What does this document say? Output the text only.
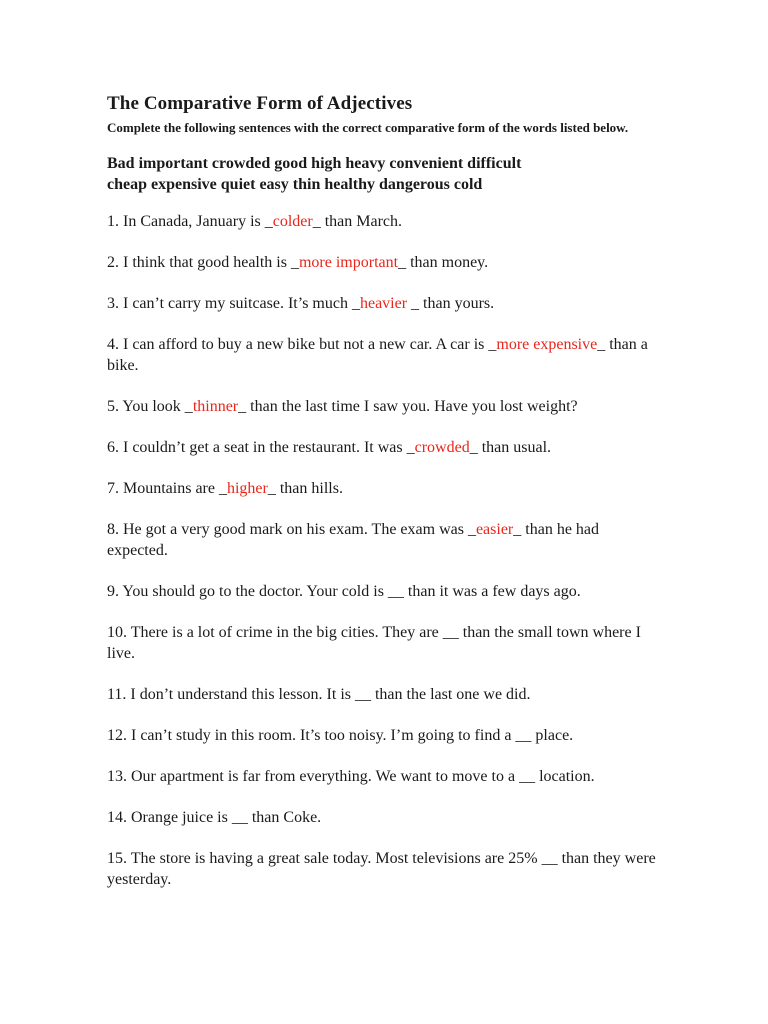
The Comparative Form of Adjectives

Complete the following sentences with the correct comparative form of the words listed below.

Bad important crowded good high heavy convenient difficult
cheap expensive quiet easy thin healthy dangerous cold

1. In Canada, January is _colder_ than March.

2. I think that good health is _more important_ than money.

3. I can’t carry my suitcase. It’s much _heavier _ than yours.

4. I can afford to buy a new bike but not a new car. A car is _more expensive_ than a bike.

5. You look _thinner_ than the last time I saw you. Have you lost weight?

6. I couldn’t get a seat in the restaurant. It was _crowded_ than usual.

7. Mountains are _higher_ than hills.

8. He got a very good mark on his exam. The exam was _easier_ than he had expected.

9. You should go to the doctor. Your cold is __ than it was a few days ago.

10. There is a lot of crime in the big cities. They are __ than the small town where I live.

11. I don’t understand this lesson. It is __ than the last one we did.

12. I can’t study in this room. It’s too noisy. I’m going to find a __ place.

13. Our apartment is far from everything. We want to move to a __ location.

14. Orange juice is __ than Coke.

15. The store is having a great sale today. Most televisions are 25% __ than they were
yesterday.
